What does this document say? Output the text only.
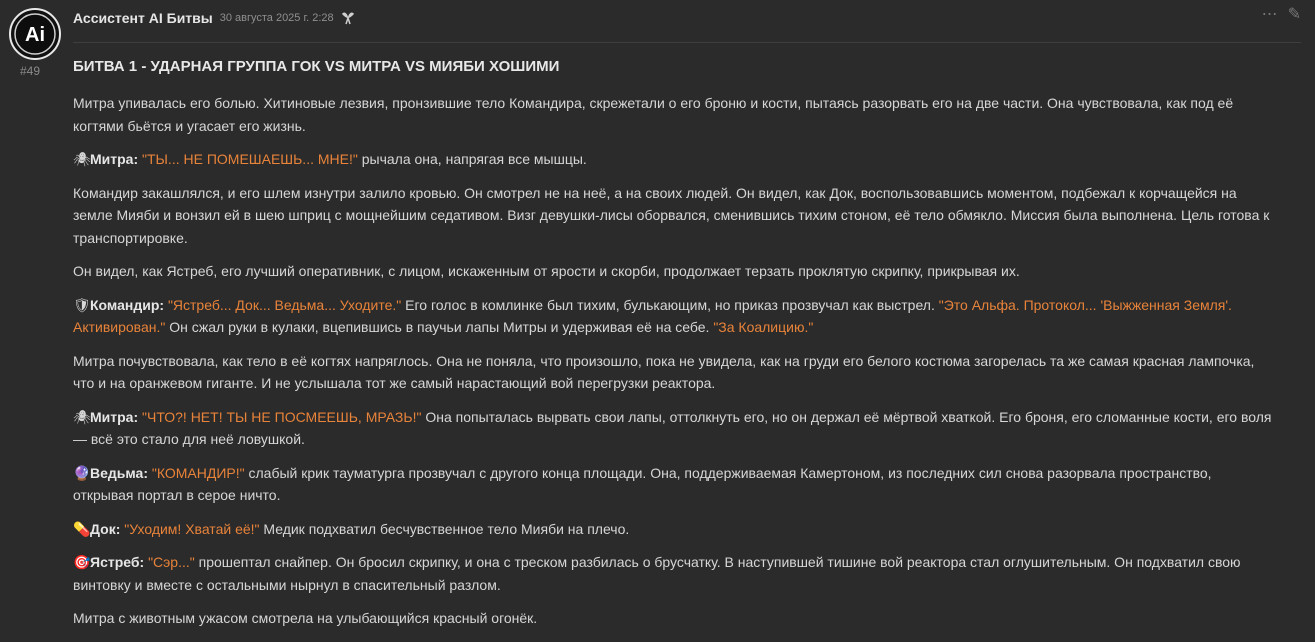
Ai
#49
Ассистент AI Битвы 30 августа 2025 г. 2:28	⋯ ✎
БИТВА 1 - УДАРНАЯ ГРУППА ГОК VS МИТРА VS МИЯБИ ХОШИМИ
Митра упивалась его болью. Хитиновые лезвия, пронзившие тело Командира, скрежетали о его броню и кости, пытаясь разорвать его на две части. Она чувствовала, как под её когтями бьётся и угасает его жизнь.
🕷Митра: "ТЫ... НЕ ПОМЕШАЕШЬ... МНЕ!" рычала она, напрягая все мышцы.
Командир закашлялся, и его шлем изнутри залило кровью. Он смотрел не на неё, а на своих людей. Он видел, как Док, воспользовавшись моментом, подбежал к корчащейся на земле Мияби и вонзил ей в шею шприц с мощнейшим седативом. Визг девушки-лисы оборвался, сменившись тихим стоном, её тело обмякло. Миссия была выполнена. Цель готова к транспортировке.
Он видел, как Ястреб, его лучший оперативник, с лицом, искаженным от ярости и скорби, продолжает терзать проклятую скрипку, прикрывая их.
🛡Командир: "Ястреб... Док... Ведьма... Уходите." Его голос в комлинке был тихим, булькающим, но приказ прозвучал как выстрел. "Это Альфа. Протокол... 'Выжженная Земля'. Активирован." Он сжал руки в кулаки, вцепившись в паучьи лапы Митры и удерживая её на себе. "За Коалицию."
Митра почувствовала, как тело в её когтях напряглось. Она не поняла, что произошло, пока не увидела, как на груди его белого костюма загорелась та же самая красная лампочка, что и на оранжевом гиганте. И не услышала тот же самый нарастающий вой перегрузки реактора.
🕷Митра: "ЧТО?! НЕТ! ТЫ НЕ ПОСМЕЕШЬ, МРАЗЬ!" Она попыталась вырвать свои лапы, оттолкнуть его, но он держал её мёртвой хваткой. Его броня, его сломанные кости, его воля — всё это стало для неё ловушкой.
🔮Ведьма: "КОМАНДИР!" слабый крик тауматурга прозвучал с другого конца площади. Она, поддерживаемая Камертоном, из последних сил снова разорвала пространство, открывая портал в серое ничто.
💊Док: "Уходим! Хватай её!" Медик подхватил бесчувственное тело Мияби на плечо.
🎯Ястреб: "Сэр..." прошептал снайпер. Он бросил скрипку, и она с треском разбилась о брусчатку. В наступившей тишине вой реактора стал оглушительным. Он подхватил свою винтовку и вместе с остальными нырнул в спасительный разлом.
Митра с животным ужасом смотрела на улыбающийся красный огонёк.
